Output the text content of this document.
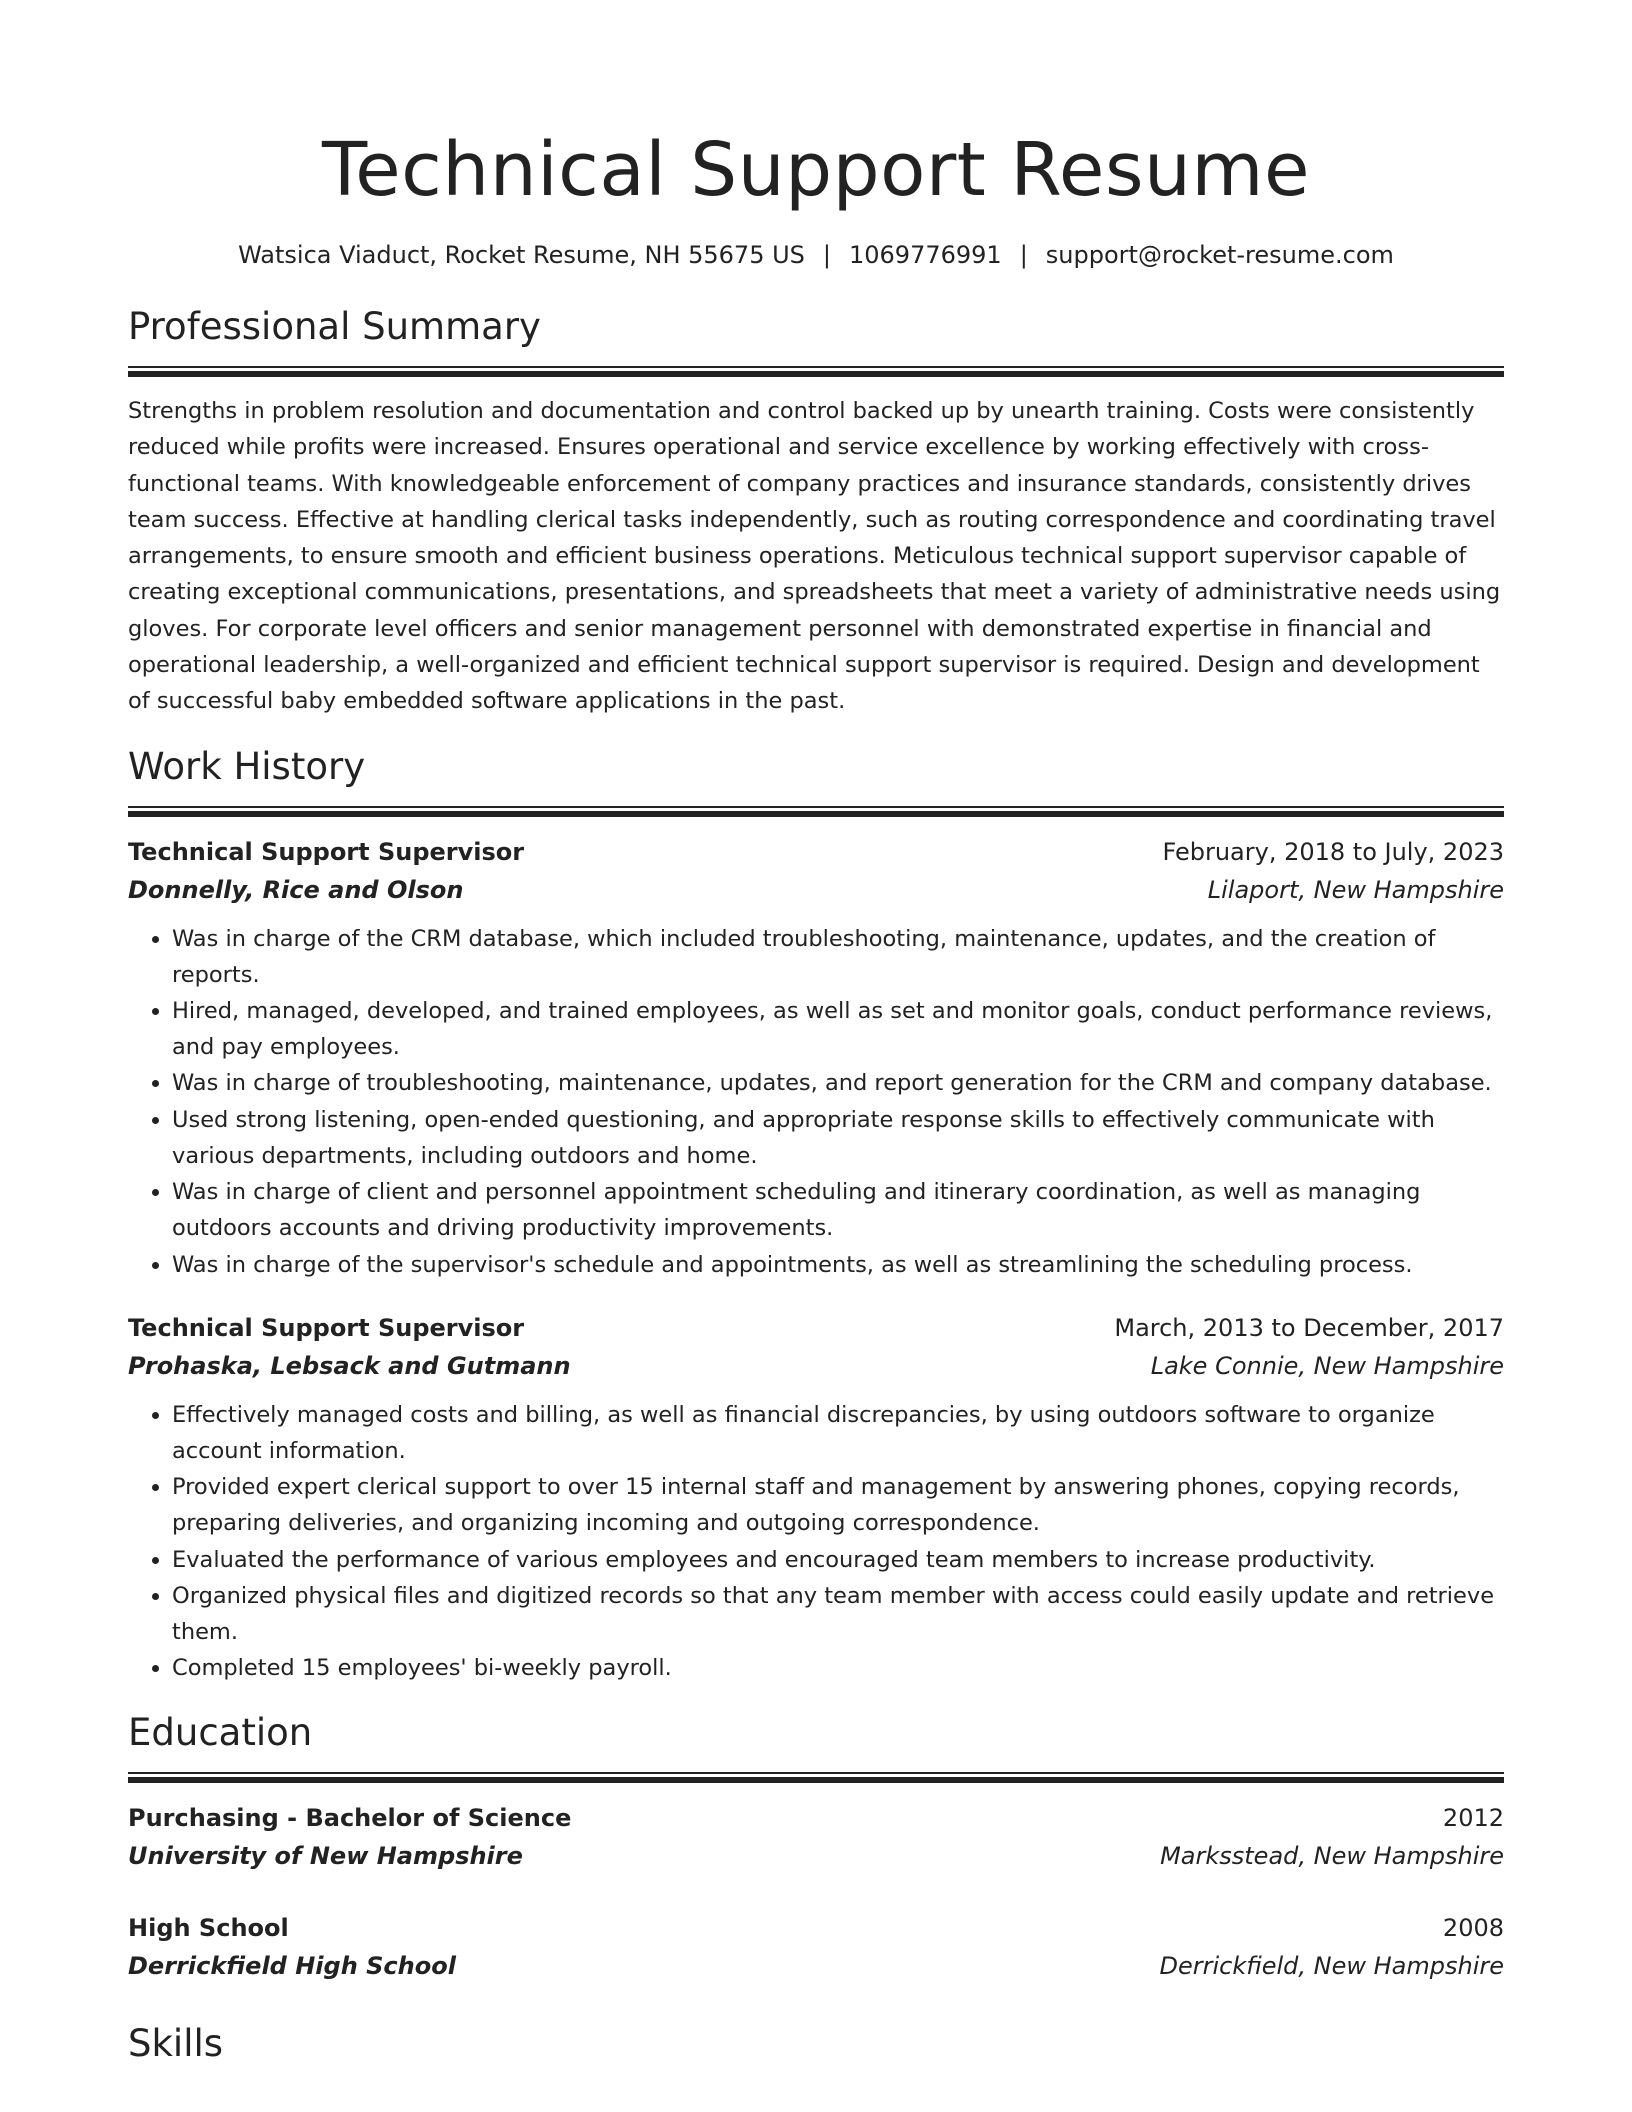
Technical Support Resume
Watsica Viaduct, Rocket Resume, NH 55675 US | 1069776991 | support@rocket-resume.com
Professional Summary

Strengths in problem resolution and documentation and control backed up by unearth training. Costs were consistently reduced while profits were increased. Ensures operational and service excellence by working effectively with cross-functional teams. With knowledgeable enforcement of company practices and insurance standards, consistently drives team success. Effective at handling clerical tasks independently, such as routing correspondence and coordinating travel arrangements, to ensure smooth and efficient business operations. Meticulous technical support supervisor capable of creating exceptional communications, presentations, and spreadsheets that meet a variety of administrative needs using gloves. For corporate level officers and senior management personnel with demonstrated expertise in financial and operational leadership, a well-organized and efficient technical support supervisor is required. Design and development of successful baby embedded software applications in the past.

Work History
Technical Support Supervisor	February, 2018 to July, 2023
Donnelly, Rice and Olson	Lilaport, New Hampshire
• Was in charge of the CRM database, which included troubleshooting, maintenance, updates, and the creation of reports.
• Hired, managed, developed, and trained employees, as well as set and monitor goals, conduct performance reviews, and pay employees.
• Was in charge of troubleshooting, maintenance, updates, and report generation for the CRM and company database.
• Used strong listening, open-ended questioning, and appropriate response skills to effectively communicate with various departments, including outdoors and home.
• Was in charge of client and personnel appointment scheduling and itinerary coordination, as well as managing outdoors accounts and driving productivity improvements.
• Was in charge of the supervisor's schedule and appointments, as well as streamlining the scheduling process.
Technical Support Supervisor	March, 2013 to December, 2017
Prohaska, Lebsack and Gutmann	Lake Connie, New Hampshire
• Effectively managed costs and billing, as well as financial discrepancies, by using outdoors software to organize account information.
• Provided expert clerical support to over 15 internal staff and management by answering phones, copying records, preparing deliveries, and organizing incoming and outgoing correspondence.
• Evaluated the performance of various employees and encouraged team members to increase productivity.
• Organized physical files and digitized records so that any team member with access could easily update and retrieve them.
• Completed 15 employees' bi-weekly payroll.
Education
Purchasing - Bachelor of Science	2012
University of New Hampshire	Marksstead, New Hampshire
High School	2008
Derrickfield High School	Derrickfield, New Hampshire
Skills
